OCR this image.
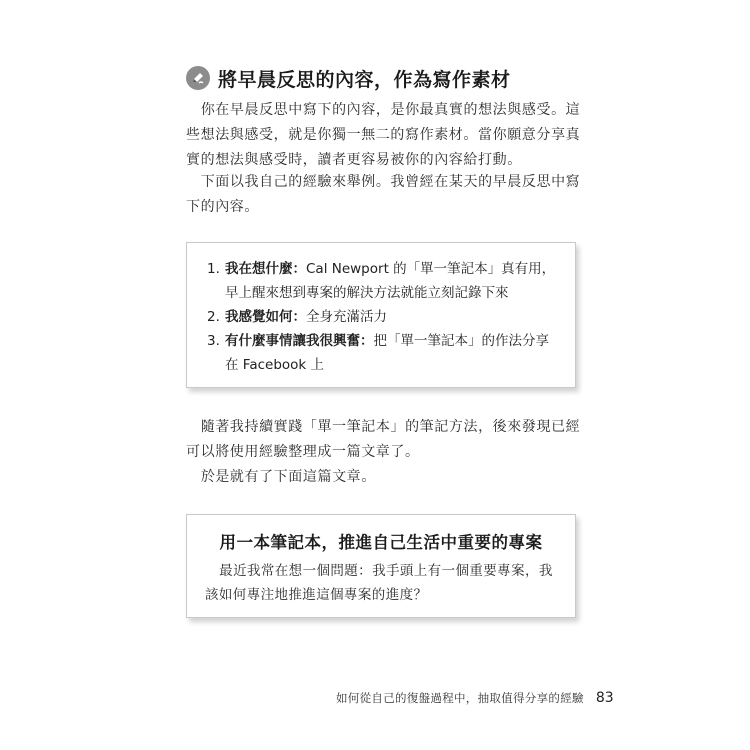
將早晨反思的內容，作為寫作素材
你在早晨反思中寫下的內容，是你最真實的想法與感受。這些想法與感受，就是你獨一無二的寫作素材。當你願意分享真實的想法與感受時，讀者更容易被你的內容給打動。
下面以我自己的經驗來舉例。我曾經在某天的早晨反思中寫下的內容。
1. 我在想什麼：Cal Newport 的「單一筆記本」真有用，早上醒來想到專案的解決方法就能立刻記錄下來
2. 我感覺如何：全身充滿活力
3. 有什麼事情讓我很興奮：把「單一筆記本」的作法分享在 Facebook 上
隨著我持續實踐「單一筆記本」的筆記方法，後來發現已經可以將使用經驗整理成一篇文章了。
於是就有了下面這篇文章。
用一本筆記本，推進自己生活中重要的專案
最近我常在想一個問題：我手頭上有一個重要專案，我該如何專注地推進這個專案的進度？
如何從自己的復盤過程中，抽取值得分享的經驗 83
